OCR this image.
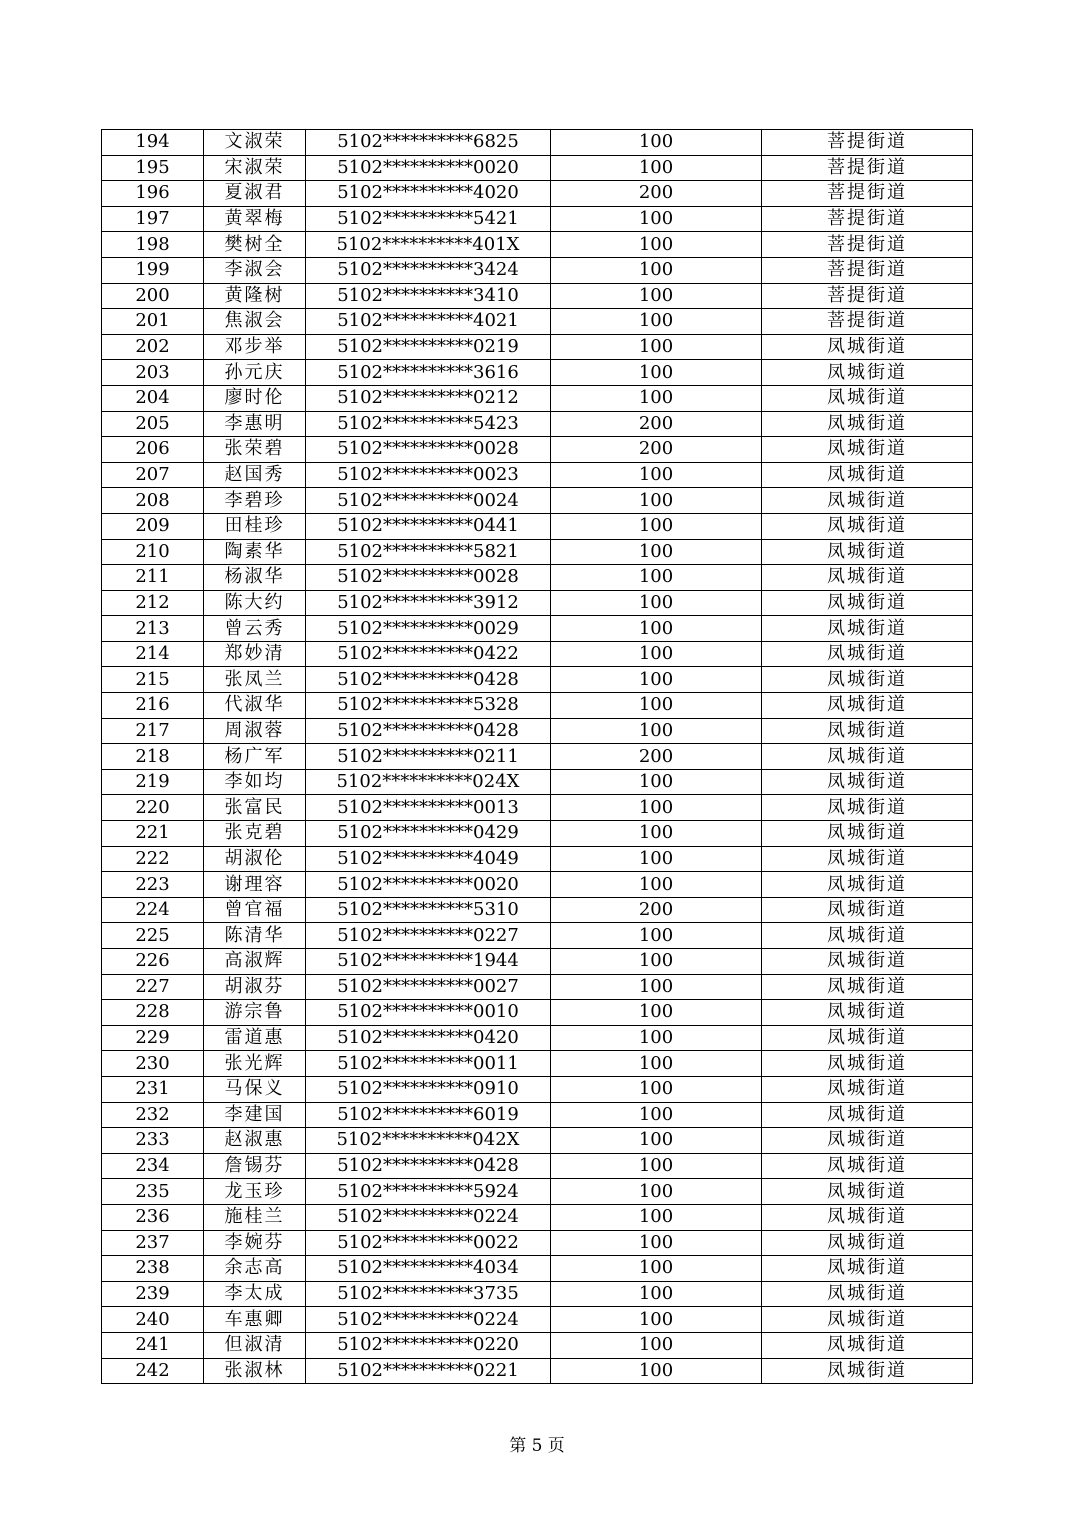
194	文淑荣	5102**********6825	100	菩提街道
195	宋淑荣	5102**********0020	100	菩提街道
196	夏淑君	5102**********4020	200	菩提街道
197	黄翠梅	5102**********5421	100	菩提街道
198	樊树全	5102**********401X	100	菩提街道
199	李淑会	5102**********3424	100	菩提街道
200	黄隆树	5102**********3410	100	菩提街道
201	焦淑会	5102**********4021	100	菩提街道
202	邓步举	5102**********0219	100	凤城街道
203	孙元庆	5102**********3616	100	凤城街道
204	廖时伦	5102**********0212	100	凤城街道
205	李惠明	5102**********5423	200	凤城街道
206	张荣碧	5102**********0028	200	凤城街道
207	赵国秀	5102**********0023	100	凤城街道
208	李碧珍	5102**********0024	100	凤城街道
209	田桂珍	5102**********0441	100	凤城街道
210	陶素华	5102**********5821	100	凤城街道
211	杨淑华	5102**********0028	100	凤城街道
212	陈大约	5102**********3912	100	凤城街道
213	曾云秀	5102**********0029	100	凤城街道
214	郑妙清	5102**********0422	100	凤城街道
215	张凤兰	5102**********0428	100	凤城街道
216	代淑华	5102**********5328	100	凤城街道
217	周淑蓉	5102**********0428	100	凤城街道
218	杨广军	5102**********0211	200	凤城街道
219	李如均	5102**********024X	100	凤城街道
220	张富民	5102**********0013	100	凤城街道
221	张克碧	5102**********0429	100	凤城街道
222	胡淑伦	5102**********4049	100	凤城街道
223	谢理容	5102**********0020	100	凤城街道
224	曾官福	5102**********5310	200	凤城街道
225	陈清华	5102**********0227	100	凤城街道
226	高淑辉	5102**********1944	100	凤城街道
227	胡淑芬	5102**********0027	100	凤城街道
228	游宗鲁	5102**********0010	100	凤城街道
229	雷道惠	5102**********0420	100	凤城街道
230	张光辉	5102**********0011	100	凤城街道
231	马保义	5102**********0910	100	凤城街道
232	李建国	5102**********6019	100	凤城街道
233	赵淑惠	5102**********042X	100	凤城街道
234	詹锡芬	5102**********0428	100	凤城街道
235	龙玉珍	5102**********5924	100	凤城街道
236	施桂兰	5102**********0224	100	凤城街道
237	李婉芬	5102**********0022	100	凤城街道
238	余志高	5102**********4034	100	凤城街道
239	李太成	5102**********3735	100	凤城街道
240	车惠卿	5102**********0224	100	凤城街道
241	但淑清	5102**********0220	100	凤城街道
242	张淑林	5102**********0221	100	凤城街道
第 5 页
